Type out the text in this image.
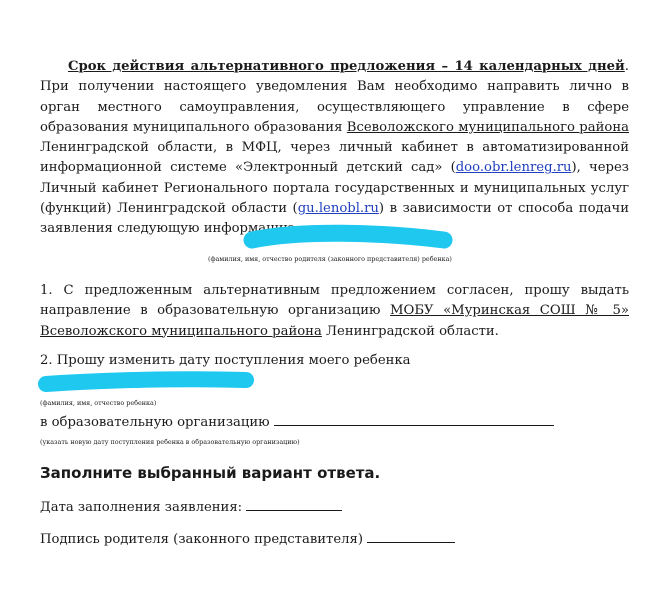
Срок действия альтернативного предложения – 14 календарных дней. При получении настоящего уведомления Вам необходимо направить лично в орган местного самоуправления, осуществляющего управление в сфере образования муниципального образования Всеволожского муниципального района Ленинградской области, в МФЦ, через личный кабинет в автоматизированной информационной системе «Электронный детский сад» (doo.obr.lenreg.ru), через Личный кабинет Регионального портала государственных и муниципальных услуг (функций) Ленинградской области (gu.lenobl.ru) в зависимости от способа подачи заявления следующую информацию:

(фамилия, имя, отчество родителя (законного представителя) ребенка)

1. С предложенным альтернативным предложением согласен, прошу выдать направление в образовательную организацию МОБУ «Муринская СОШ № 5» Всеволожского муниципального района Ленинградской области.

2. Прошу изменить дату поступления моего ребенка

(фамилия, имя, отчество ребенка)
в образовательную организацию
(указать новую дату поступления ребенка в образовательную организацию)
Заполните выбранный вариант ответа.
Дата заполнения заявления:
Подпись родителя (законного представителя)
